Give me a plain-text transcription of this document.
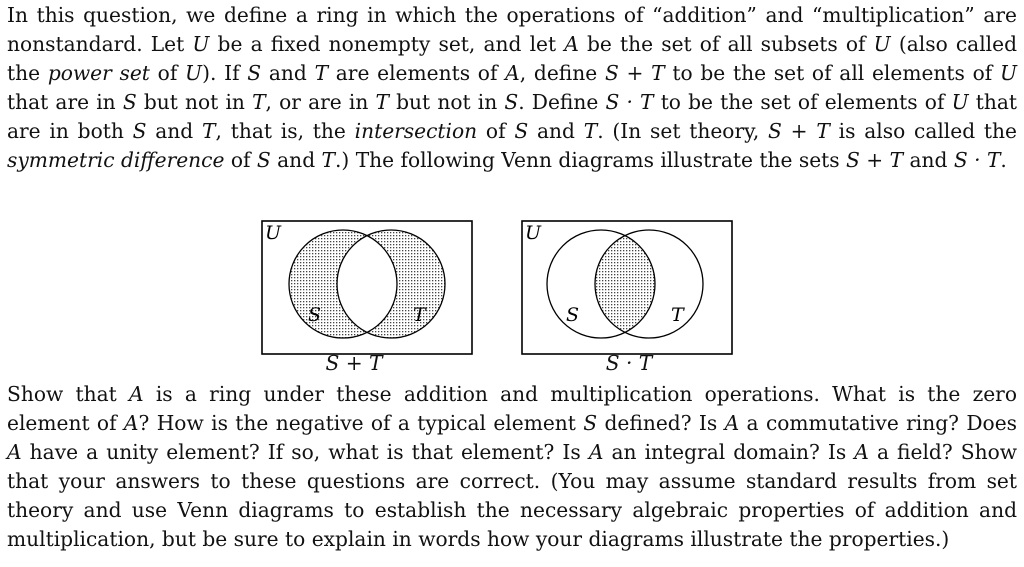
In this question, we define a ring in which the operations of “addition” and “multiplication” are nonstandard. Let U be a fixed nonempty set, and let A be the set of all subsets of U (also called the power set of U). If S and T are elements of A, define S + T to be the set of all elements of U that are in S but not in T, or are in T but not in S. Define S · T to be the set of elements of U that are in both S and T, that is, the intersection of S and T. (In set theory, S + T is also called the symmetric difference of S and T.) The following Venn diagrams illustrate the sets S + T and S · T.
U
S	T
S + T
U
S	T
S · T
Show that A is a ring under these addition and multiplication operations. What is the zero element of A? How is the negative of a typical element S defined? Is A a commutative ring? Does A have a unity element? If so, what is that element? Is A an integral domain? Is A a field? Show that your answers to these questions are correct. (You may assume standard results from set theory and use Venn diagrams to establish the necessary algebraic properties of addition and multiplication, but be sure to explain in words how your diagrams illustrate the properties.)
